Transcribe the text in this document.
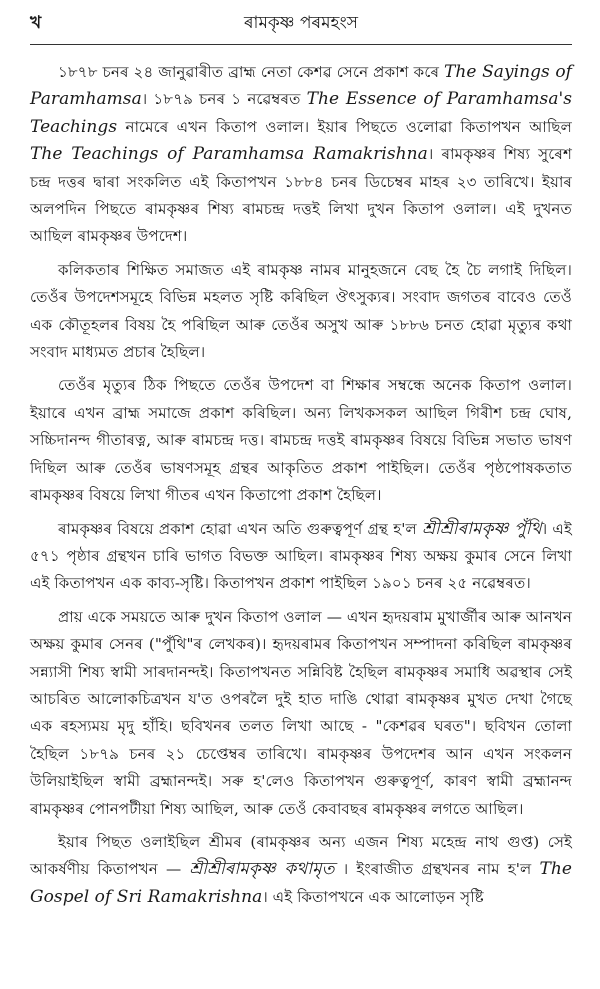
খ	ৰামকৃষ্ণ পৰমহংস

১৮৭৮ চনৰ ২৪ জানুৱাৰীত ব্ৰাহ্ম নেতা কেশৱ সেনে প্ৰকাশ কৰে The Sayings of Paramhamsa। ১৮৭৯ চনৰ ১ নৱেম্বৰত The Essence of Paramhamsa's Teachings নামেৰে এখন কিতাপ ওলাল। ইয়াৰ পিছতে ওলোৱা কিতাপখন আছিল The Teachings of Paramhamsa Ramakrishna। ৰামকৃষ্ণৰ শিষ্য সুৰেশ চন্দ্ৰ দত্তৰ দ্বাৰা সংকলিত এই কিতাপখন ১৮৮৪ চনৰ ডিচেম্বৰ মাহৰ ২৩ তাৰিখে। ইয়াৰ অলপদিন পিছতে ৰামকৃষ্ণৰ শিষ্য ৰামচন্দ্ৰ দত্তই লিখা দুখন কিতাপ ওলাল। এই দুখনত আছিল ৰামকৃষ্ণৰ উপদেশ।

কলিকতাৰ শিক্ষিত সমাজত এই ৰামকৃষ্ণ নামৰ মানুহজনে বেছ হৈ চৈ লগাই দিছিল। তেওঁৰ উপদেশসমূহে বিভিন্ন মহলত সৃষ্টি কৰিছিল ঔৎসুক্যৰ। সংবাদ জগতৰ বাবেও তেওঁ এক কৌতূহলৰ বিষয় হৈ পৰিছিল আৰু তেওঁৰ অসুখ আৰু ১৮৮৬ চনত হোৱা মৃত্যুৰ কথা সংবাদ মাধ্যমত প্ৰচাৰ হৈছিল।

তেওঁৰ মৃত্যুৰ ঠিক পিছতে তেওঁৰ উপদেশ বা শিক্ষাৰ সম্বন্ধে অনেক কিতাপ ওলাল। ইয়াৰে এখন ব্ৰাহ্ম সমাজে প্ৰকাশ কৰিছিল। অন্য লিখকসকল আছিল গিৰীশ চন্দ্ৰ ঘোষ, সচ্চিদানন্দ গীতাৰত্ন, আৰু ৰামচন্দ্ৰ দত্ত। ৰামচন্দ্ৰ দত্তই ৰামকৃষ্ণৰ বিষয়ে বিভিন্ন সভাত ভাষণ দিছিল আৰু তেওঁৰ ভাষণসমূহ গ্ৰন্থৰ আকৃতিত প্ৰকাশ পাইছিল। তেওঁৰ পৃষ্ঠপোষকতাত ৰামকৃষ্ণৰ বিষয়ে লিখা গীতৰ এখন কিতাপো প্ৰকাশ হৈছিল।

ৰামকৃষ্ণৰ বিষয়ে প্ৰকাশ হোৱা এখন অতি গুৰুত্বপূৰ্ণ গ্ৰন্থ হ'ল শ্ৰীশ্ৰীৰামকৃষ্ণ পুঁথি। এই ৫৭১ পৃষ্ঠাৰ গ্ৰন্থখন চাৰি ভাগত বিভক্ত আছিল। ৰামকৃষ্ণৰ শিষ্য অক্ষয় কুমাৰ সেনে লিখা এই কিতাপখন এক কাব্য-সৃষ্টি। কিতাপখন প্ৰকাশ পাইছিল ১৯০১ চনৰ ২৫ নৱেম্বৰত।

প্ৰায় একে সময়তে আৰু দুখন কিতাপ ওলাল — এখন হৃদয়ৰাম মুখাৰ্জীৰ আৰু আনখন অক্ষয় কুমাৰ সেনৰ ("পুঁথি"ৰ লেখকৰ)। হৃদয়ৰামৰ কিতাপখন সম্পাদনা কৰিছিল ৰামকৃষ্ণৰ সন্ন্যাসী শিষ্য স্বামী সাৰদানন্দই। কিতাপখনত সন্নিবিষ্ট হৈছিল ৰামকৃষ্ণৰ সমাধি অৱস্থাৰ সেই আচৰিত আলোকচিত্ৰখন য'ত ওপৰলৈ দুই হাত দাঙি থোৱা ৰামকৃষ্ণৰ মুখত দেখা গৈছে এক ৰহস্যময় মৃদু হাঁহি। ছবিখনৰ তলত লিখা আছে - "কেশৱৰ ঘৰত"। ছবিখন তোলা হৈছিল ১৮৭৯ চনৰ ২১ চেপ্তেম্বৰ তাৰিখে। ৰামকৃষ্ণৰ উপদেশৰ আন এখন সংকলন উলিয়াইছিল স্বামী ব্ৰহ্মানন্দই। সৰু হ'লেও কিতাপখন গুৰুত্বপূৰ্ণ, কাৰণ স্বামী ব্ৰহ্মানন্দ ৰামকৃষ্ণৰ পোনপটীয়া শিষ্য আছিল, আৰু তেওঁ কেবাবছৰ ৰামকৃষ্ণৰ লগতে আছিল।

ইয়াৰ পিছত ওলাইছিল শ্ৰীমৰ (ৰামকৃষ্ণৰ অন্য এজন শিষ্য মহেন্দ্ৰ নাথ গুপ্ত) সেই আকৰ্ষণীয় কিতাপখন — শ্ৰীশ্ৰীৰামকৃষ্ণ কথামৃত । ইংৰাজীত গ্ৰন্থখনৰ নাম হ'ল The Gospel of Sri Ramakrishna। এই কিতাপখনে এক আলোড়ন সৃষ্টি
